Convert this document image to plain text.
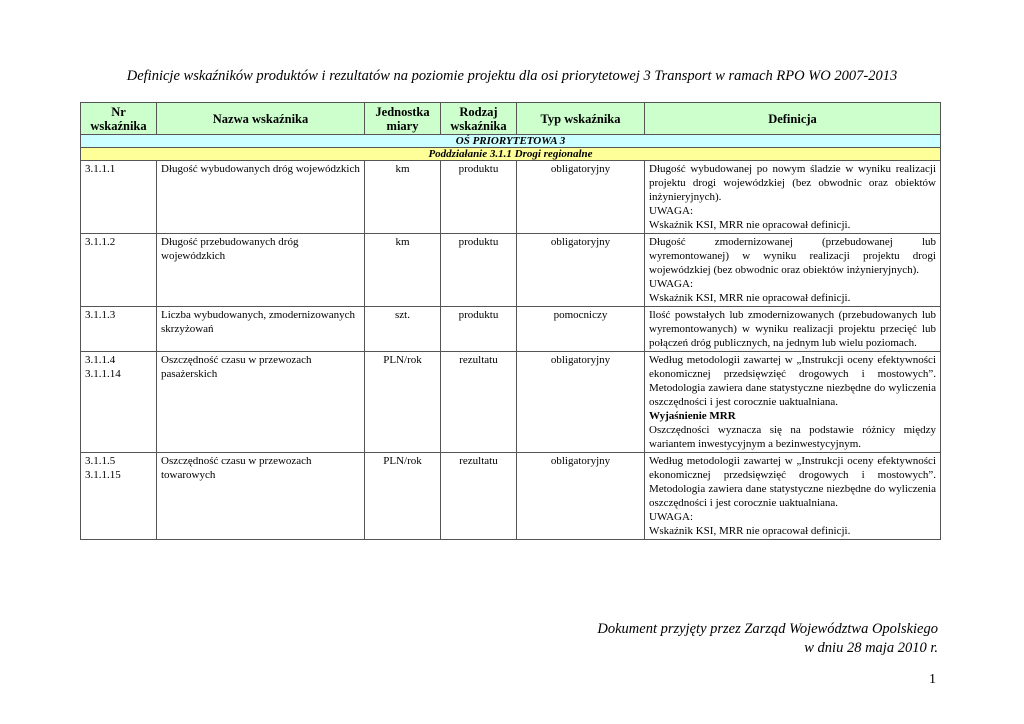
Definicje wskaźników produktów i rezultatów na poziomie projektu dla osi priorytetowej 3 Transport w ramach RPO WO 2007-2013
Nr wskaźnika	Nazwa wskaźnika	Jednostka miary	Rodzaj wskaźnika	Typ wskaźnika	Definicja
OŚ PRIORYTETOWA 3					
Poddziałanie 3.1.1 Drogi regionalne					
3.1.1.1	Długość wybudowanych dróg wojewódzkich	km	produktu	obligatoryjny	Długość wybudowanej po nowym śladzie w wyniku realizacji projektu drogi wojewódzkiej (bez obwodnic oraz obiektów inżynieryjnych).
UWAGA:
Wskaźnik KSI, MRR nie opracował definicji.

3.1.1.2	Długość przebudowanych dróg wojewódzkich	km	produktu	obligatoryjny	Długość zmodernizowanej (przebudowanej lub wyremontowanej) w wyniku realizacji projektu drogi wojewódzkiej (bez obwodnic oraz obiektów inżynieryjnych).
UWAGA:
Wskaźnik KSI, MRR nie opracował definicji.

3.1.1.3	Liczba wybudowanych, zmodernizowanych skrzyżowań	szt.	produktu	pomocniczy	Ilość powstałych lub zmodernizowanych (przebudowanych lub wyremontowanych) w wyniku realizacji projektu przecięć lub połączeń dróg publicznych, na jednym lub wielu poziomach.

3.1.1.4 3.1.1.14	Oszczędność czasu w przewozach pasażerskich	PLN/rok	rezultatu	obligatoryjny	Według metodologii zawartej w „Instrukcji oceny efektywności ekonomicznej przedsięwzięć drogowych i mostowych”. Metodologia zawiera dane statystyczne niezbędne do wyliczenia oszczędności i jest corocznie uaktualniana.
Wyjaśnienie MRR
Oszczędności wyznacza się na podstawie różnicy między wariantem inwestycyjnym a bezinwestycyjnym.

3.1.1.5 3.1.1.15	Oszczędność czasu w przewozach towarowych	PLN/rok	rezultatu	obligatoryjny	Według metodologii zawartej w „Instrukcji oceny efektywności ekonomicznej przedsięwzięć drogowych i mostowych”. Metodologia zawiera dane statystyczne niezbędne do wyliczenia oszczędności i jest corocznie uaktualniana.
UWAGA:
Wskaźnik KSI, MRR nie opracował definicji.
Dokument przyjęty przez Zarząd Województwa Opolskiego
w dniu 28 maja 2010 r.
1
